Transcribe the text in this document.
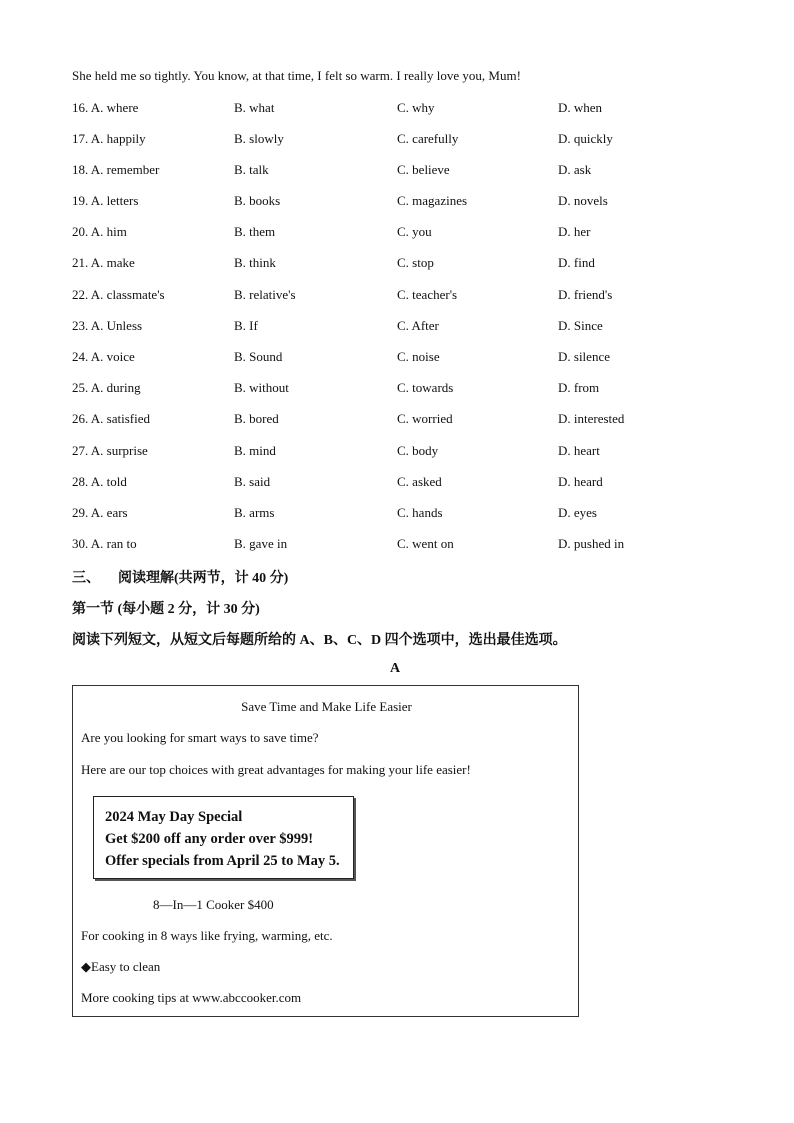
She held me so tightly. You know, at that time, I felt so warm. I really love you, Mum!
16. A. where	B. what	C. why	D. when
17. A. happily	B. slowly	C. carefully	D. quickly
18. A. remember	B. talk	C. believe	D. ask
19. A. letters	B. books	C. magazines	D. novels
20. A. him	B. them	C. you	D. her
21. A. make	B. think	C. stop	D. find
22. A. classmate's	B. relative's	C. teacher's	D. friend's
23. A. Unless	B. If	C. After	D. Since
24. A. voice	B. Sound	C. noise	D. silence
25. A. during	B. without	C. towards	D. from
26. A. satisfied	B. bored	C. worried	D. interested
27. A. surprise	B. mind	C. body	D. heart
28. A. told	B. said	C. asked	D. heard
29. A. ears	B. arms	C. hands	D. eyes
30. A. ran to	B. gave in	C. went on	D. pushed in
三、 阅读理解(共两节，计 40 分)
第一节 (每小题 2 分，计 30 分)
阅读下列短文，从短文后每题所给的 A、B、C、D 四个选项中，选出最佳选项。
A
Save Time and Make Life Easier
Are you looking for smart ways to save time?
Here are our top choices with great advantages for making your life easier!
2024 May Day Special
Get $200 off any order over $999!
Offer specials from April 25 to May 5.
8—In—1 Cooker $400
For cooking in 8 ways like frying, warming, etc.
◆Easy to clean
More cooking tips at www.abccooker.com
